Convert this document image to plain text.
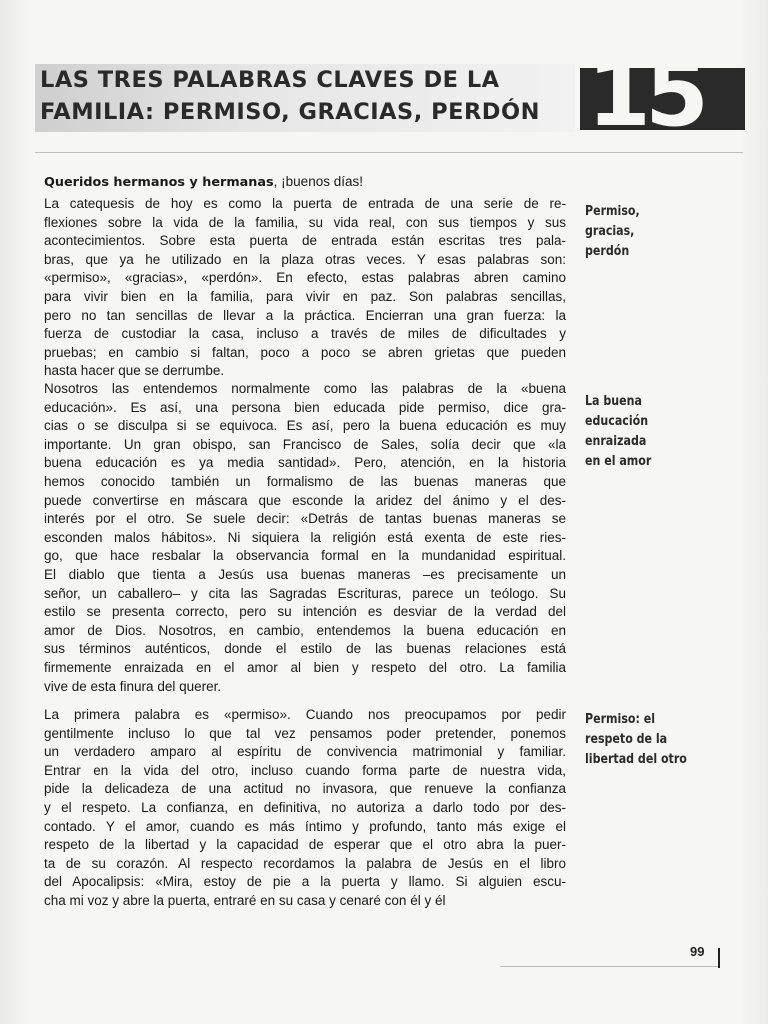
LAS TRES PALABRAS CLAVES DE LA
FAMILIA: PERMISO, GRACIAS, PERDÓN 15
Queridos hermanos y hermanas, ¡buenos días!
La catequesis de hoy es como la puerta de entrada de una serie de re-
flexiones sobre la vida de la familia, su vida real, con sus tiempos y sus
acontecimientos. Sobre esta puerta de entrada están escritas tres pala-
bras, que ya he utilizado en la plaza otras veces. Y esas palabras son:
«permiso», «gracias», «perdón». En efecto, estas palabras abren camino
para vivir bien en la familia, para vivir en paz. Son palabras sencillas,
pero no tan sencillas de llevar a la práctica. Encierran una gran fuerza: la
fuerza de custodiar la casa, incluso a través de miles de dificultades y
pruebas; en cambio si faltan, poco a poco se abren grietas que pueden
hasta hacer que se derrumbe.
Nosotros las entendemos normalmente como las palabras de la «buena
educación». Es así, una persona bien educada pide permiso, dice gra-
cias o se disculpa si se equivoca. Es así, pero la buena educación es muy
importante. Un gran obispo, san Francisco de Sales, solía decir que «la
buena educación es ya media santidad». Pero, atención, en la historia
hemos conocido también un formalismo de las buenas maneras que
puede convertirse en máscara que esconde la aridez del ánimo y el des-
interés por el otro. Se suele decir: «Detrás de tantas buenas maneras se
esconden malos hábitos». Ni siquiera la religión está exenta de este ries-
go, que hace resbalar la observancia formal en la mundanidad espiritual.
El diablo que tienta a Jesús usa buenas maneras –es precisamente un
señor, un caballero– y cita las Sagradas Escrituras, parece un teólogo. Su
estilo se presenta correcto, pero su intención es desviar de la verdad del
amor de Dios. Nosotros, en cambio, entendemos la buena educación en
sus términos auténticos, donde el estilo de las buenas relaciones está
firmemente enraizada en el amor al bien y respeto del otro. La familia
vive de esta finura del querer.
La primera palabra es «permiso». Cuando nos preocupamos por pedir
gentilmente incluso lo que tal vez pensamos poder pretender, ponemos
un verdadero amparo al espíritu de convivencia matrimonial y familiar.
Entrar en la vida del otro, incluso cuando forma parte de nuestra vida,
pide la delicadeza de una actitud no invasora, que renueve la confianza
y el respeto. La confianza, en definitiva, no autoriza a darlo todo por des-
contado. Y el amor, cuando es más íntimo y profundo, tanto más exige el
respeto de la libertad y la capacidad de esperar que el otro abra la puer-
ta de su corazón. Al respecto recordamos la palabra de Jesús en el libro
del Apocalipsis: «Mira, estoy de pie a la puerta y llamo. Si alguien escu-
cha mi voz y abre la puerta, entraré en su casa y cenaré con él y él
Permiso,
gracias,
perdón
La buena
educación
enraizada
en el amor
Permiso: el
respeto de la
libertad del otro
99
